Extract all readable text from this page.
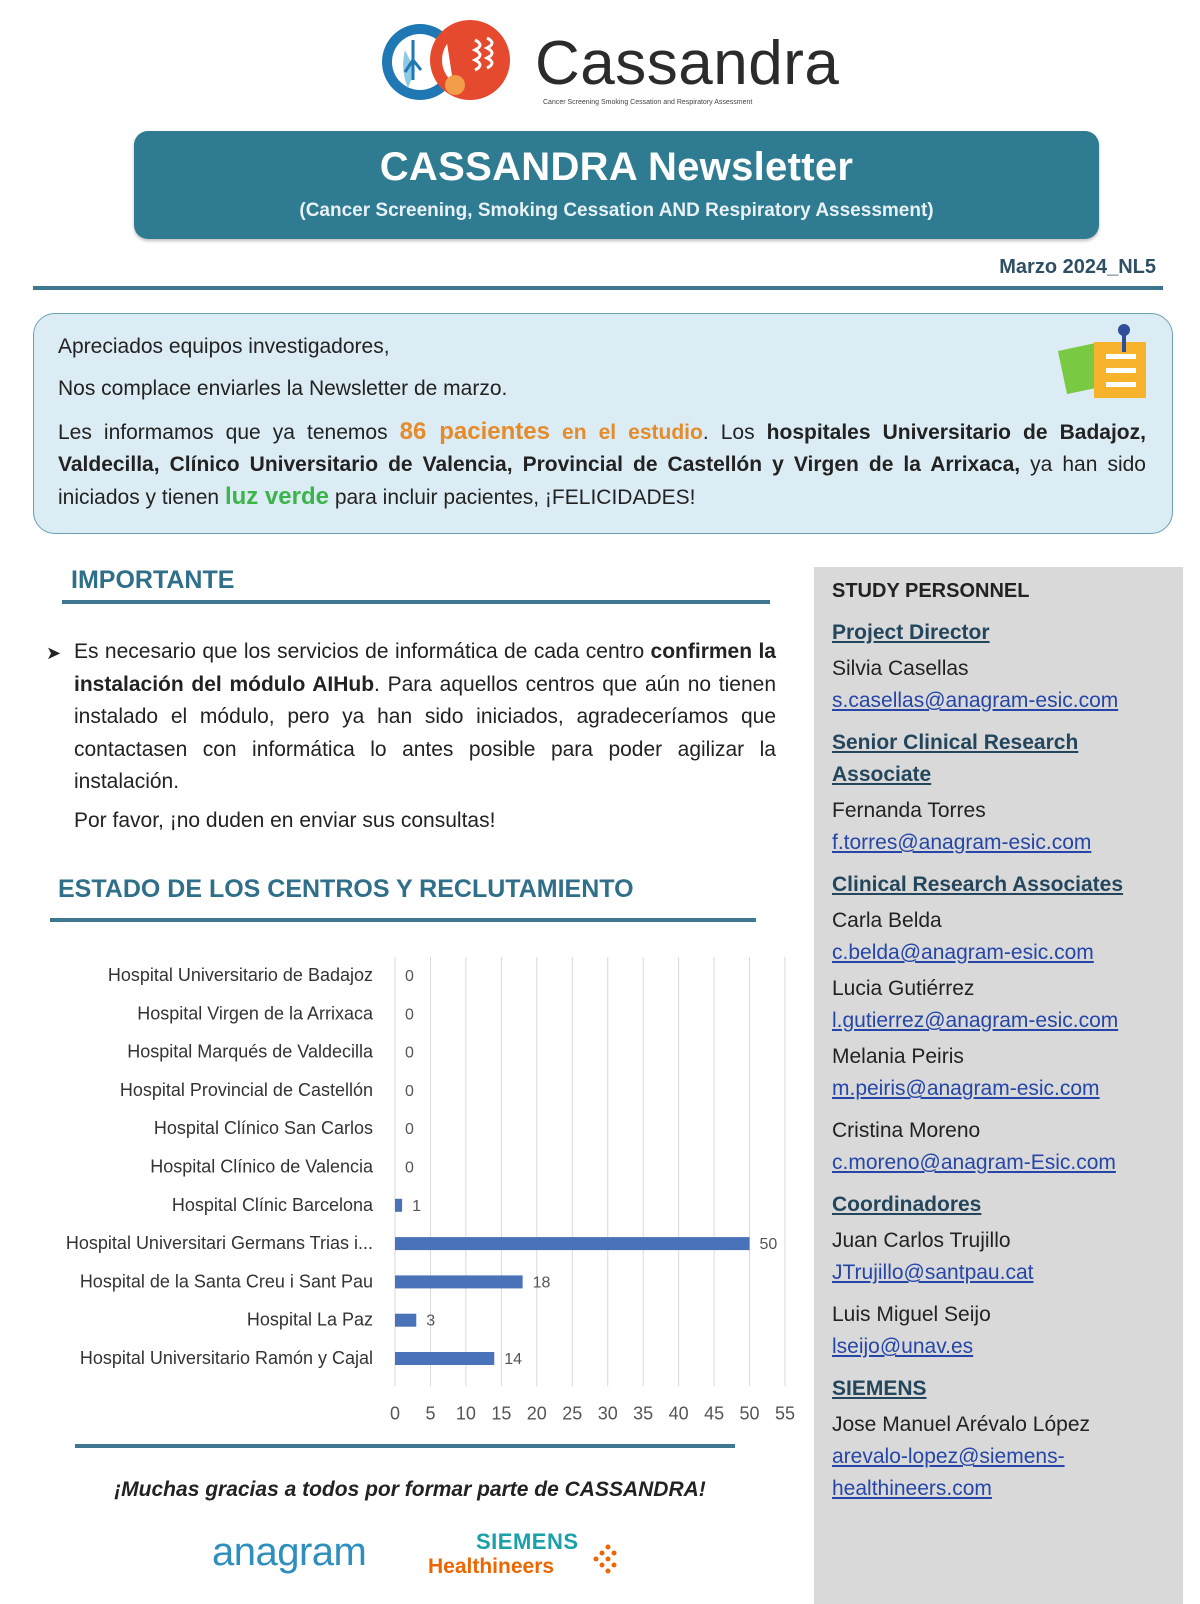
Cassandra
Cancer Screening Smoking Cessation and Respiratory Assessment
CASSANDRA Newsletter
(Cancer Screening, Smoking Cessation AND Respiratory Assessment)
Marzo 2024_NL5

Apreciados equipos investigadores,

Nos complace enviarles la Newsletter de marzo.

Les informamos que ya tenemos 86 pacientes en el estudio. Los hospitales Universitario de Badajoz, Valdecilla, Clínico Universitario de Valencia, Provincial de Castellón y Virgen de la Arrixaca, ya han sido iniciados y tienen luz verde para incluir pacientes, ¡FELICIDADES!

IMPORTANTE
➤ Es necesario que los servicios de informática de cada centro confirmen la instalación del módulo AIHub. Para aquellos centros que aún no tienen instalado el módulo, pero ya han sido iniciados, agradeceríamos que contactasen con informática lo antes posible para poder agilizar la instalación.
Por favor, ¡no duden en enviar sus consultas!
ESTADO DE LOS CENTROS Y RECLUTAMIENTO
0 5 10 15 20 25 30 35 40 45 50 55
Hospital Universitario de Badajoz 0
Hospital Virgen de la Arrixaca 0
Hospital Marqués de Valdecilla 0
Hospital Provincial de Castellón 0
Hospital Clínico San Carlos 0
Hospital Clínico de Valencia 0
Hospital Clínic Barcelona 1
Hospital Universitari Germans Trias i...	50
Hospital de la Santa Creu i Sant Pau	18
Hospital La Paz	3
Hospital Universitario Ramón y Cajal	14
¡Muchas gracias a todos por formar parte de CASSANDRA!
anagram	SIEMENS
Healthineers
STUDY PERSONNEL
Project Director
Silvia Casellas
s.casellas@anagram-esic.com
Senior Clinical Research Associate
Fernanda Torres
f.torres@anagram-esic.com
Clinical Research Associates
Carla Belda
c.belda@anagram-esic.com
Lucia Gutiérrez
l.gutierrez@anagram-esic.com
Melania Peiris
m.peiris@anagram-esic.com
Cristina Moreno
c.moreno@anagram-Esic.com
Coordinadores
Juan Carlos Trujillo
JTrujillo@santpau.cat
Luis Miguel Seijo
lseijo@unav.es
SIEMENS
Jose Manuel Arévalo López
arevalo-lopez@siemens-healthineers.com
